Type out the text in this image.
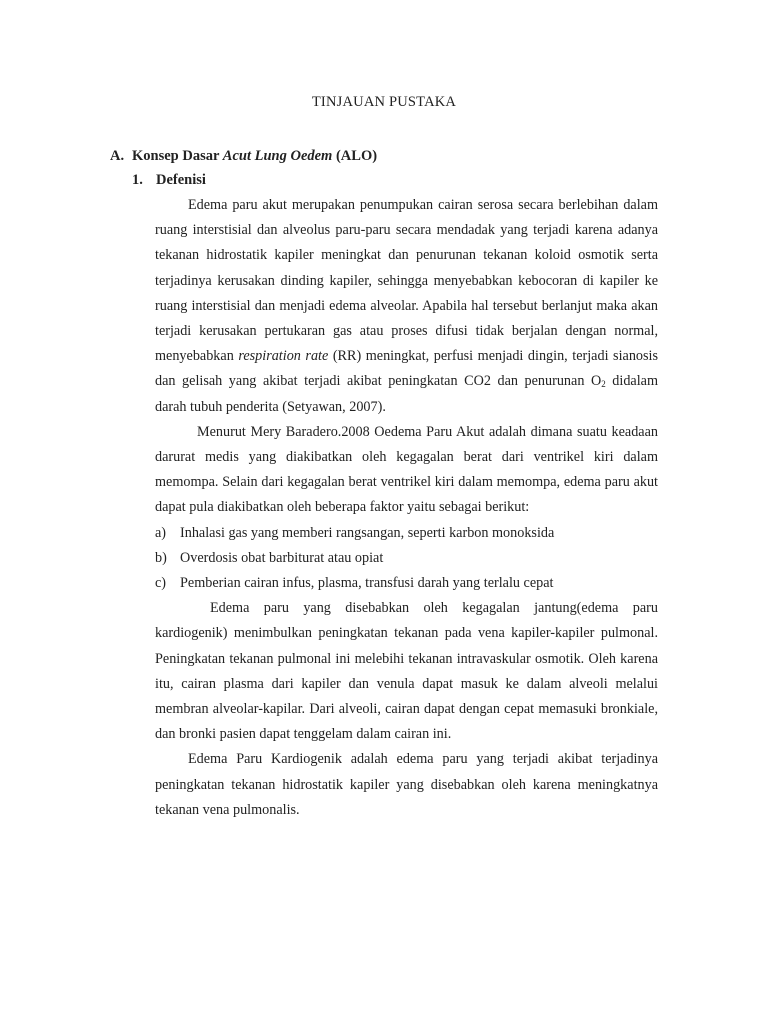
TINJAUAN PUSTAKA
A. Konsep Dasar Acut Lung Oedem (ALO)
1. Defenisi

Edema paru akut merupakan penumpukan cairan serosa secara berlebihan dalam ruang interstisial dan alveolus paru-paru secara mendadak yang terjadi karena adanya tekanan hidrostatik kapiler meningkat dan penurunan tekanan koloid osmotik serta terjadinya kerusakan dinding kapiler, sehingga menyebabkan kebocoran di kapiler ke ruang interstisial dan menjadi edema alveolar. Apabila hal tersebut berlanjut maka akan terjadi kerusakan pertukaran gas atau proses difusi tidak berjalan dengan normal, menyebabkan respiration rate (RR) meningkat, perfusi menjadi dingin, terjadi sianosis dan gelisah yang akibat terjadi akibat peningkatan CO2 dan penurunan $O_2$ didalam darah tubuh penderita (Setyawan, 2007).

Menurut Mery Baradero.2008 Oedema Paru Akut adalah dimana suatu keadaan darurat medis yang diakibatkan oleh kegagalan berat dari ventrikel kiri dalam memompa. Selain dari kegagalan berat ventrikel kiri dalam memompa, edema paru akut dapat pula diakibatkan oleh beberapa faktor yaitu sebagai berikut:

a) Inhalasi gas yang memberi rangsangan, seperti karbon monoksida
b) Overdosis obat barbiturat atau opiat
c) Pemberian cairan infus, plasma, transfusi darah yang terlalu cepat

Edema paru yang disebabkan oleh kegagalan jantung(edema paru kardiogenik) menimbulkan peningkatan tekanan pada vena kapiler-kapiler pulmonal. Peningkatan tekanan pulmonal ini melebihi tekanan intravaskular osmotik. Oleh karena itu, cairan plasma dari kapiler dan venula dapat masuk ke dalam alveoli melalui membran alveolar-kapilar. Dari alveoli, cairan dapat dengan cepat memasuki bronkiale, dan bronki pasien dapat tenggelam dalam cairan ini.

Edema Paru Kardiogenik adalah edema paru yang terjadi akibat terjadinya peningkatan tekanan hidrostatik kapiler yang disebabkan oleh karena meningkatnya tekanan vena pulmonalis.
